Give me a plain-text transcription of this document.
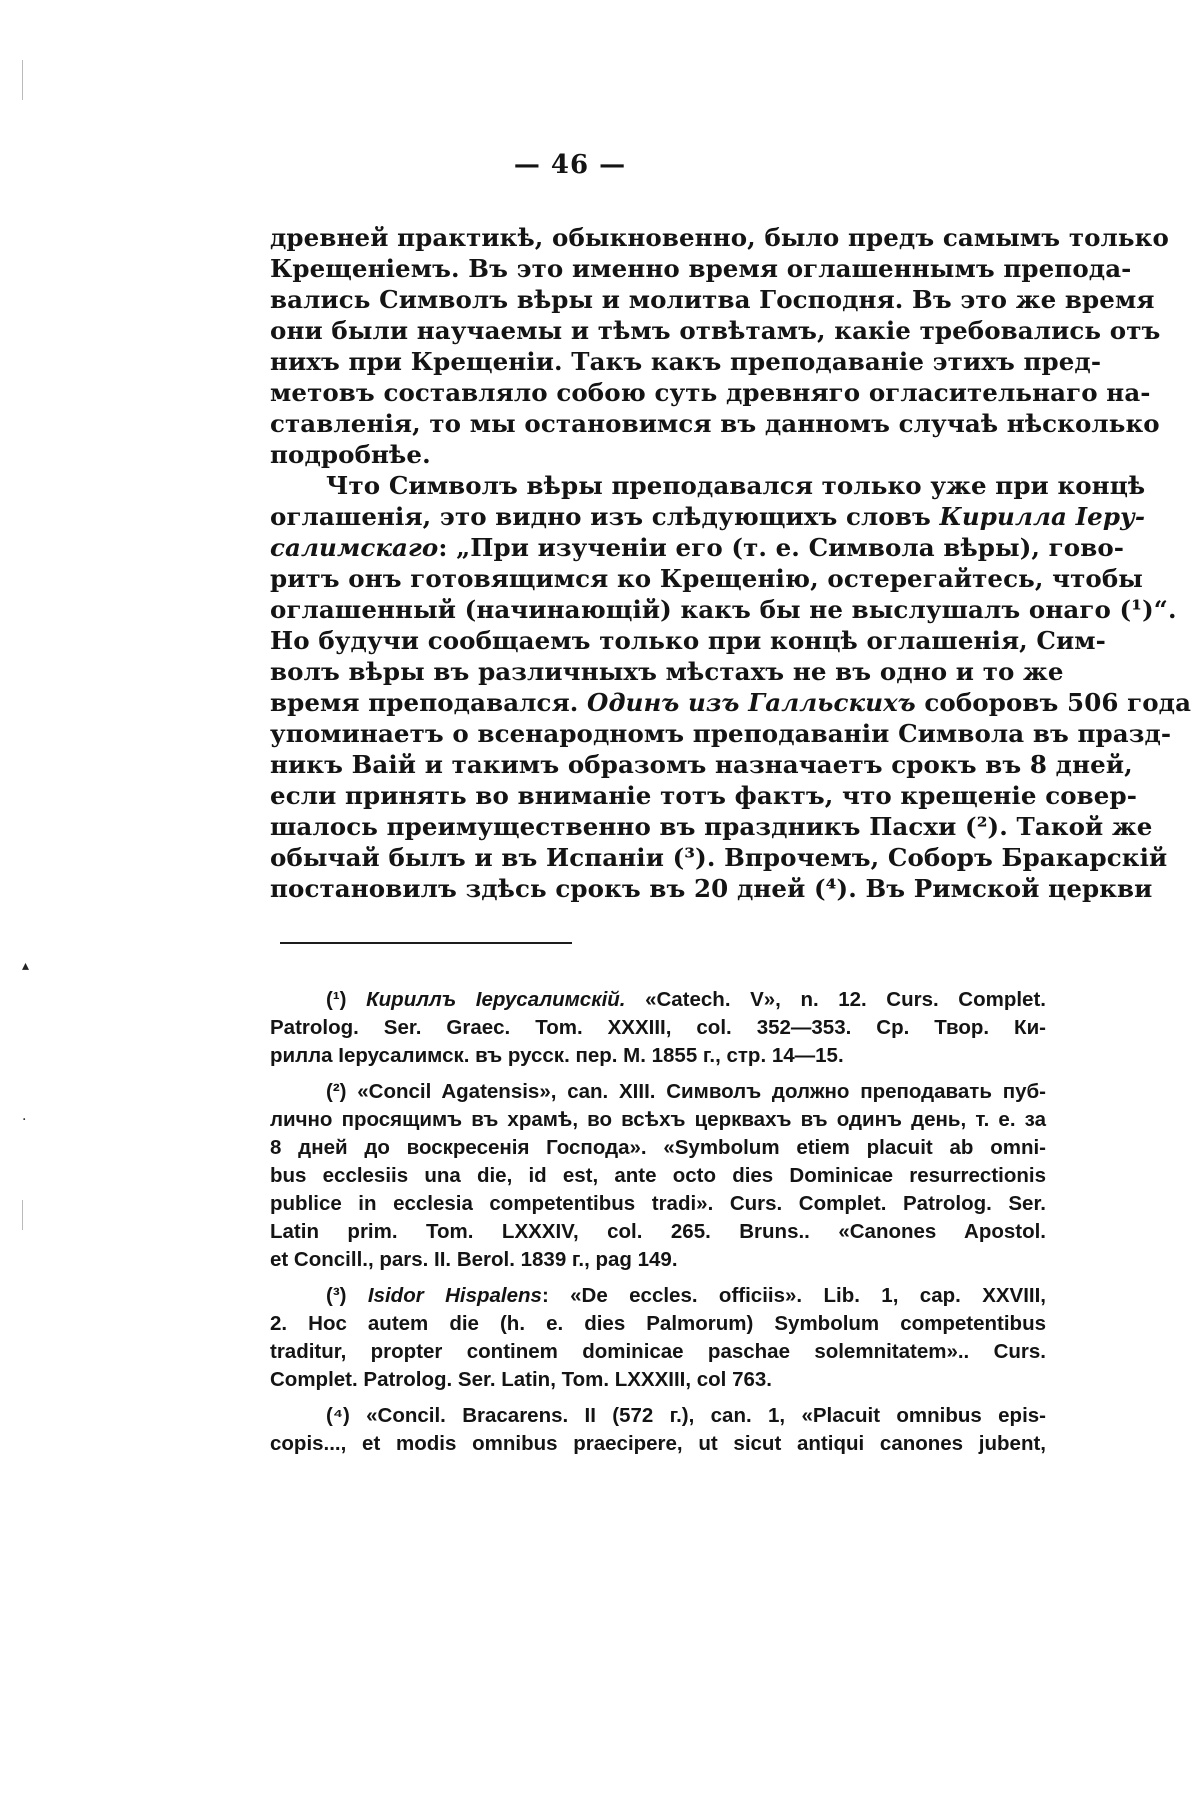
▴
·
— 46 —
древней практикѣ, обыкновенно, было предъ самымъ только
Крещеніемъ. Въ это именно время оглашеннымъ препода-
вались Символъ вѣры и молитва Господня. Въ это же время
они были научаемы и тѣмъ отвѣтамъ, какіе требовались отъ
нихъ при Крещеніи. Такъ какъ преподаваніе этихъ пред-
метовъ составляло собою суть древняго огласительнаго на-
ставленія, то мы остановимся въ данномъ случаѣ нѣсколько
подробнѣе.
Что Символъ вѣры преподавался только уже при концѣ
оглашенія, это видно изъ слѣдующихъ словъ Кирилла Іеру-
салимскаго: „При изученіи его (т. е. Символа вѣры), гово-
ритъ онъ готовящимся ко Крещенію, остерегайтесь, чтобы
оглашенный (начинающій) какъ бы не выслушалъ онаго (¹)“.
Но будучи сообщаемъ только при концѣ оглашенія, Сим-
волъ вѣры въ различныхъ мѣстахъ не въ одно и то же
время преподавался. Одинъ изъ Галльскихъ соборовъ 506 года
упоминаетъ о всенародномъ преподаваніи Символа въ празд-
никъ Ваій и такимъ образомъ назначаетъ срокъ въ 8 дней,
если принять во вниманіе тотъ фактъ, что крещеніе совер-
шалось преимущественно въ праздникъ Пасхи (²). Такой же
обычай былъ и въ Испаніи (³). Впрочемъ, Соборъ Бракарскій
постановилъ здѣсь срокъ въ 20 дней (⁴). Въ Римской церкви
(¹) Кириллъ Іерусалимскій. «Catech. V», n. 12. Curs. Complet.
Patrolog. Ser. Graec. Tom. XXXIII, col. 352—353. Ср. Твор. Ки-
рилла Іерусалимск. въ русск. пер. М. 1855 г., стр. 14—15.
(²) «Concil Agatensis», can. XIII. Символъ должно преподавать пуб-
лично просящимъ въ храмѣ, во всѣхъ церквахъ въ одинъ день, т. е. за
8 дней до воскресенія Господа». «Symbolum etiem placuit ab omni-
bus ecclesiis una die, id est, ante octo dies Dominicae resurrectionis
publice in ecclesia competentibus tradi». Curs. Complet. Patrolog. Ser.
Latin prim. Tom. LXXXIV, col. 265. Bruns.. «Canones Apostol.
et Concill., pars. II. Berol. 1839 г., pag 149.
(³) Isidor Hispalens: «De eccles. officiis». Lib. 1, cap. XXVIII,
2. Hoc autem die (h. e. dies Palmorum) Symbolum competentibus
traditur, propter continem dominicae paschae solemnitatem».. Curs.
Complet. Patrolog. Ser. Latin, Tom. LXXXIII, col 763.
(⁴) «Concil. Bracarens. II (572 г.), can. 1, «Placuit omnibus epis-
copis..., et modis omnibus praecipere, ut sicut antiqui canones jubent,
